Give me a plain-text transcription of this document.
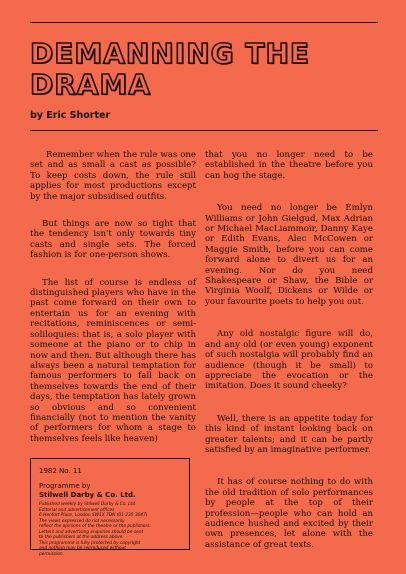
DEMANNING THE
DRAMA
by Eric Shorter

Remember when the rule was one set and as small a cast as possible? To keep costs down, the rule still applies for most productions except by the major subsidised outfits.

But things are now so tight that the tendency isn't only towards tiny casts and single sets. The forced fashion is for one-person shows.

The list of course is endless of distinguished players who have in the past come forward on their own to entertain us for an evening with recitations, reminiscences or semi-soliloquies: that is, a solo player with someone at the piano or to chip in now and then. But although there has always been a natural temptation for famous performers to fall back on themselves towards the end of their days, the temptation has lately grown so obvious and so convenient financially (not to mention the vanity of performers for whom a stage to themselves feels like heaven)

that you no longer need to be established in the theatre before you can hog the stage.

You need no longer be Emlyn Williams or John Gielgud, Max Adrian or Michael MacLiammoir, Danny Kaye or Edith Evans, Alec McCowen or Maggie Smith, before you can come forward alone to divert us for an evening. Nor do you need Shakespeare or Shaw, the Bible or Virginia Woolf, Dickens or Wilde or your favourite poets to help you out.

Any old nostalgic figure will do, and any old (or even young) exponent of such nostalgia will probably find an audience (though it be small) to appreciate the evocation or the imitation. Does it sound cheeky?

Well, there is an appetite today for this kind of instant looking back on greater talents; and it can be partly satisfied by an imaginative performer.

It has of course nothing to do with the old tradition of solo performances by people at the top of their profession—people who can hold an audience hushed and excited by their own presences, let alone with the assistance of great texts.

1982 No. 11
Programme by
Stilwell Darby & Co. Ltd.
Published weekly by Stilwell Darby & Co. Ltd.
Editorial and advertisement offices
6 Henfort Place, London SW1X 7DN (01-235 3047)
The views expressed do not necessarily
reflect the opinions of the theatre or the publishers.
Letters and advertising enquiries should be sent
to the publishers at the address above.
This programme is fully protected by copyright
and nothing may be reproduced without
permission.
